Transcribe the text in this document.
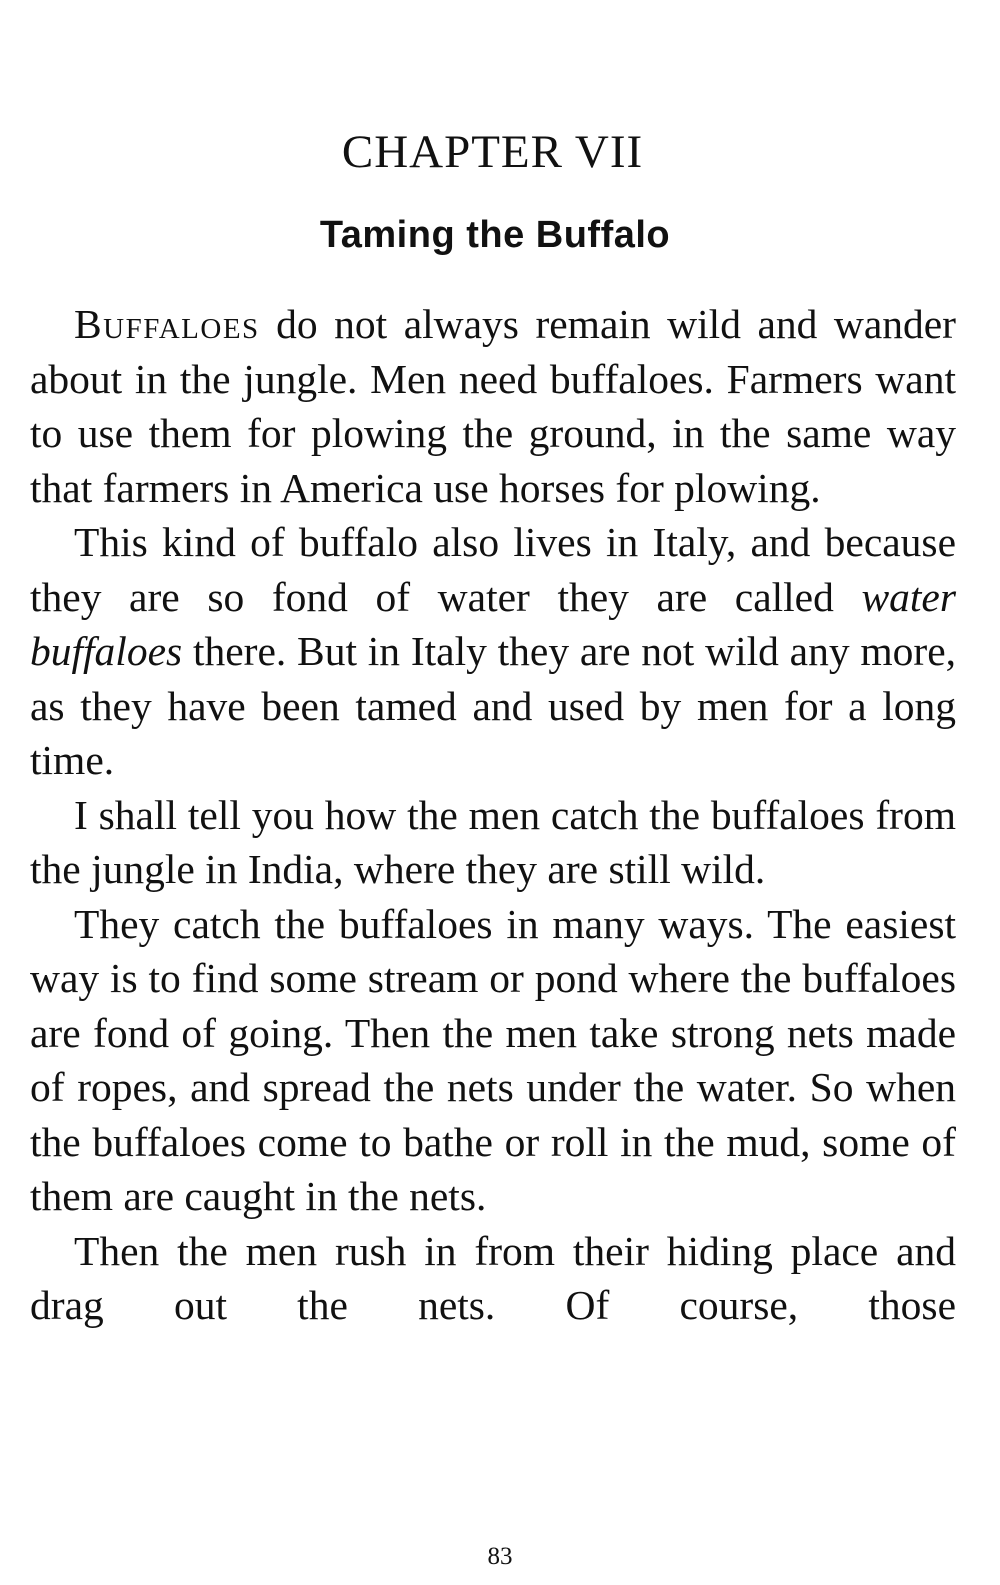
CHAPTER VII
Taming the Buffalo

Buffaloes do not always remain wild and wander about in the jungle. Men need buffaloes. Farmers want to use them for plowing the ground, in the same way that farmers in America use horses for plowing.

This kind of buffalo also lives in Italy, and because they are so fond of water they are called water buffaloes there. But in Italy they are not wild any more, as they have been tamed and used by men for a long time.

I shall tell you how the men catch the buffaloes from the jungle in India, where they are still wild.

They catch the buffaloes in many ways. The easiest way is to find some stream or pond where the buffaloes are fond of going. Then the men take strong nets made of ropes, and spread the nets under the water. So when the buffaloes come to bathe or roll in the mud, some of them are caught in the nets.

Then the men rush in from their hiding place and drag out the nets. Of course, those

83
